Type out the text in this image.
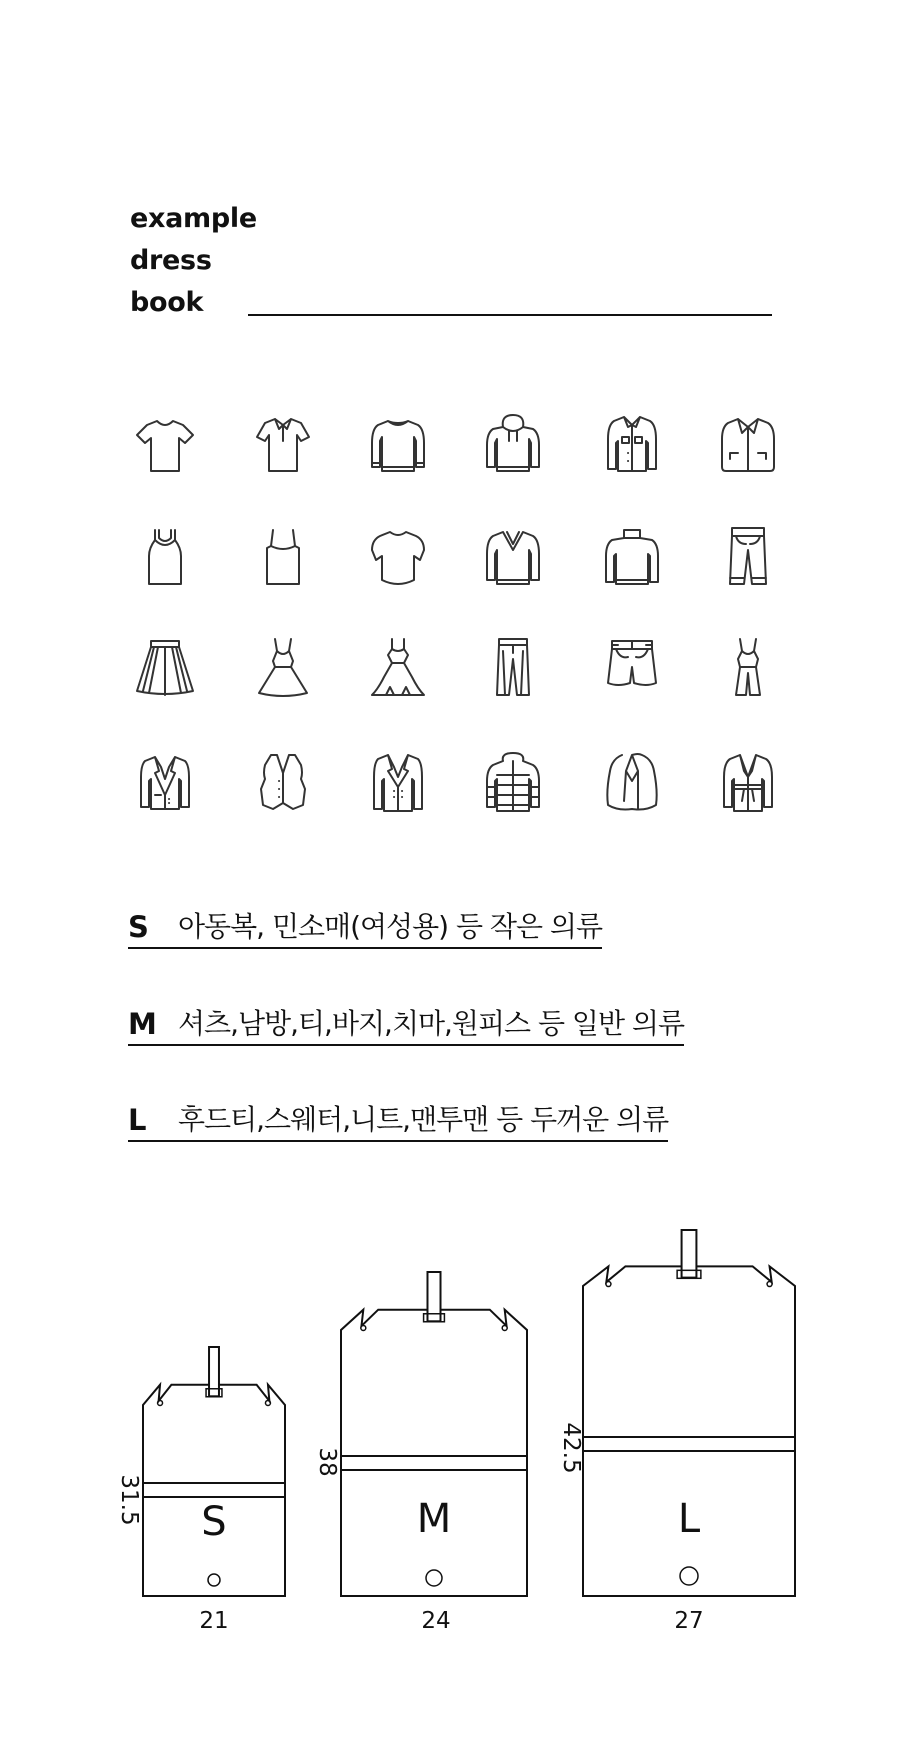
example
dress
book
S	아동복, 민소매(여성용) 등 작은 의류
M 셔츠,남방,티,바지,치마,원피스 등 일반 의류
L	후드티,스웨터,니트,맨투맨 등 두꺼운 의류
S
21
31.5	M
24
38
L
27
42.5
